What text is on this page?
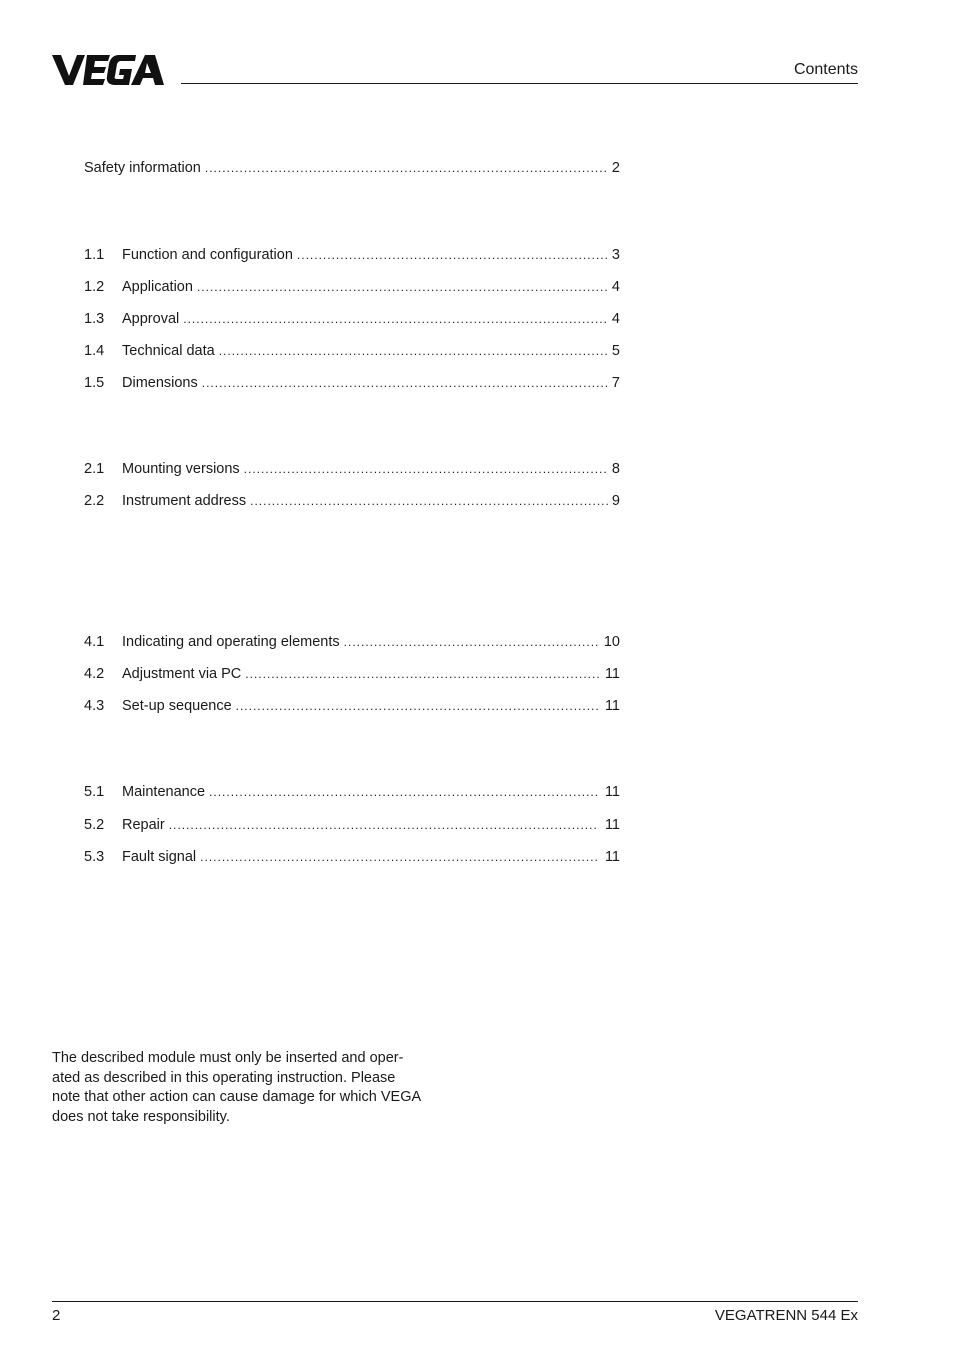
Contents
Safety information .....	2
1.1	Function and configuration .....	3
1.2	Application .....	4
1.3	Approval .....	4
1.4	Technical data .....	5
1.5	Dimensions .....	7
2.1	Mounting versions .....	8
2.2	Instrument address .....	9
4.1	Indicating and operating elements .....	10
4.2	Adjustment via PC .....	11
4.3	Set-up sequence .....	11
5.1	Maintenance .....	11
5.2	Repair .....	11
5.3	Fault signal .....	11
The described module must only be inserted and oper-
ated as described in this operating instruction. Please
note that other action can cause damage for which VEGA
does not take responsibility.
2	VEGATRENN 544 Ex
